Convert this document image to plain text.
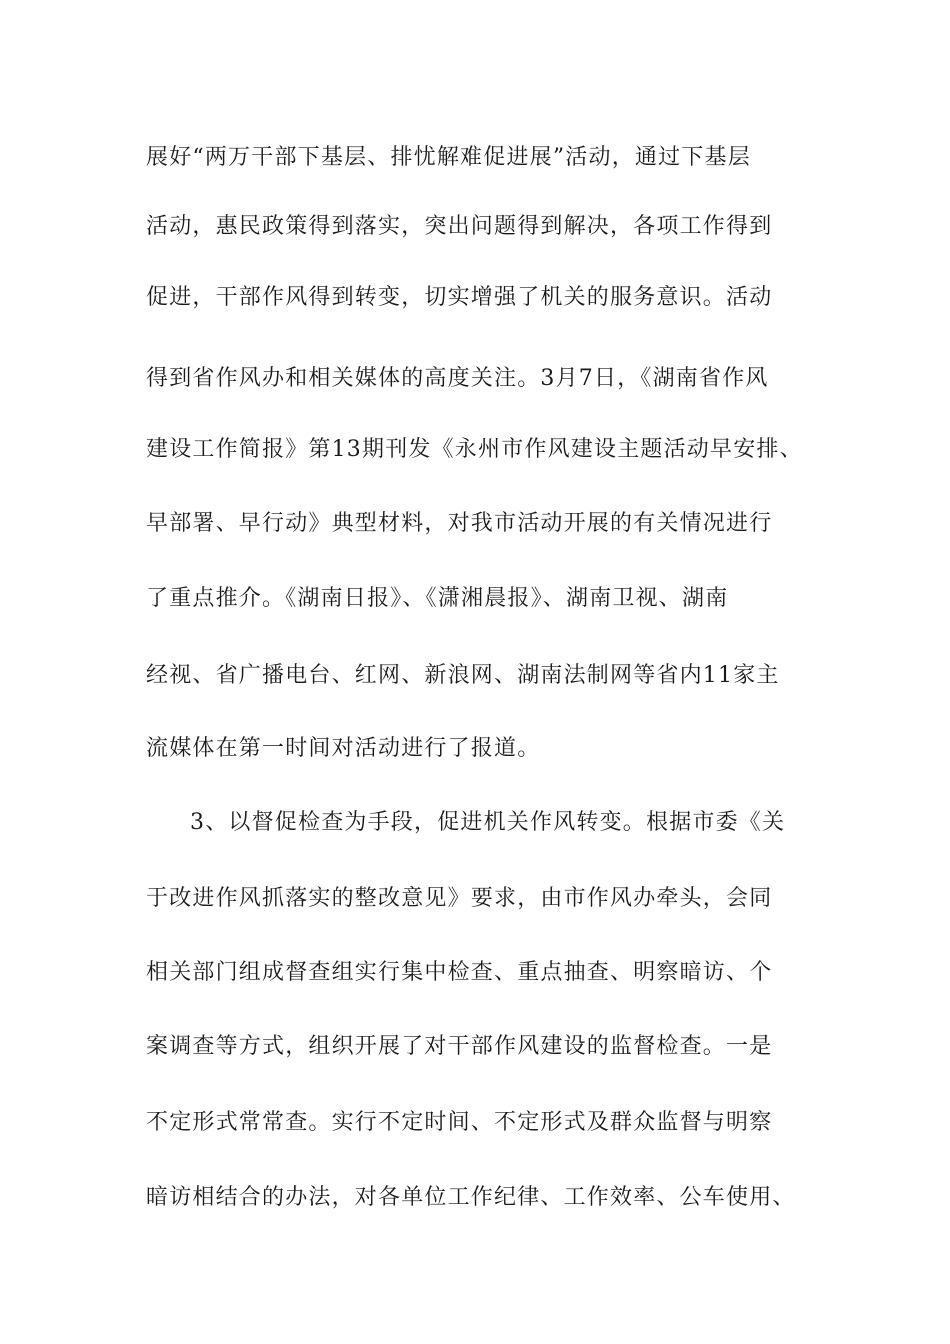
展好“两万干部下基层、排忧解难促进展”活动，通过下基层
活动，惠民政策得到落实，突出问题得到解决，各项工作得到
促进，干部作风得到转变，切实增强了机关的服务意识。活动
得到省作风办和相关媒体的高度关注。3月7日，《湖南省作风
建设工作简报》第13期刊发《永州市作风建设主题活动早安排、
早部署、早行动》典型材料，对我市活动开展的有关情况进行
了重点推介。《湖南日报》、《潇湘晨报》、湖南卫视、湖南
经视、省广播电台、红网、新浪网、湖南法制网等省内11家主
流媒体在第一时间对活动进行了报道。
3、以督促检查为手段，促进机关作风转变。根据市委《关
于改进作风抓落实的整改意见》要求，由市作风办牵头，会同
相关部门组成督查组实行集中检查、重点抽查、明察暗访、个
案调查等方式，组织开展了对干部作风建设的监督检查。一是
不定形式常常查。实行不定时间、不定形式及群众监督与明察
暗访相结合的办法，对各单位工作纪律、工作效率、公车使用、
